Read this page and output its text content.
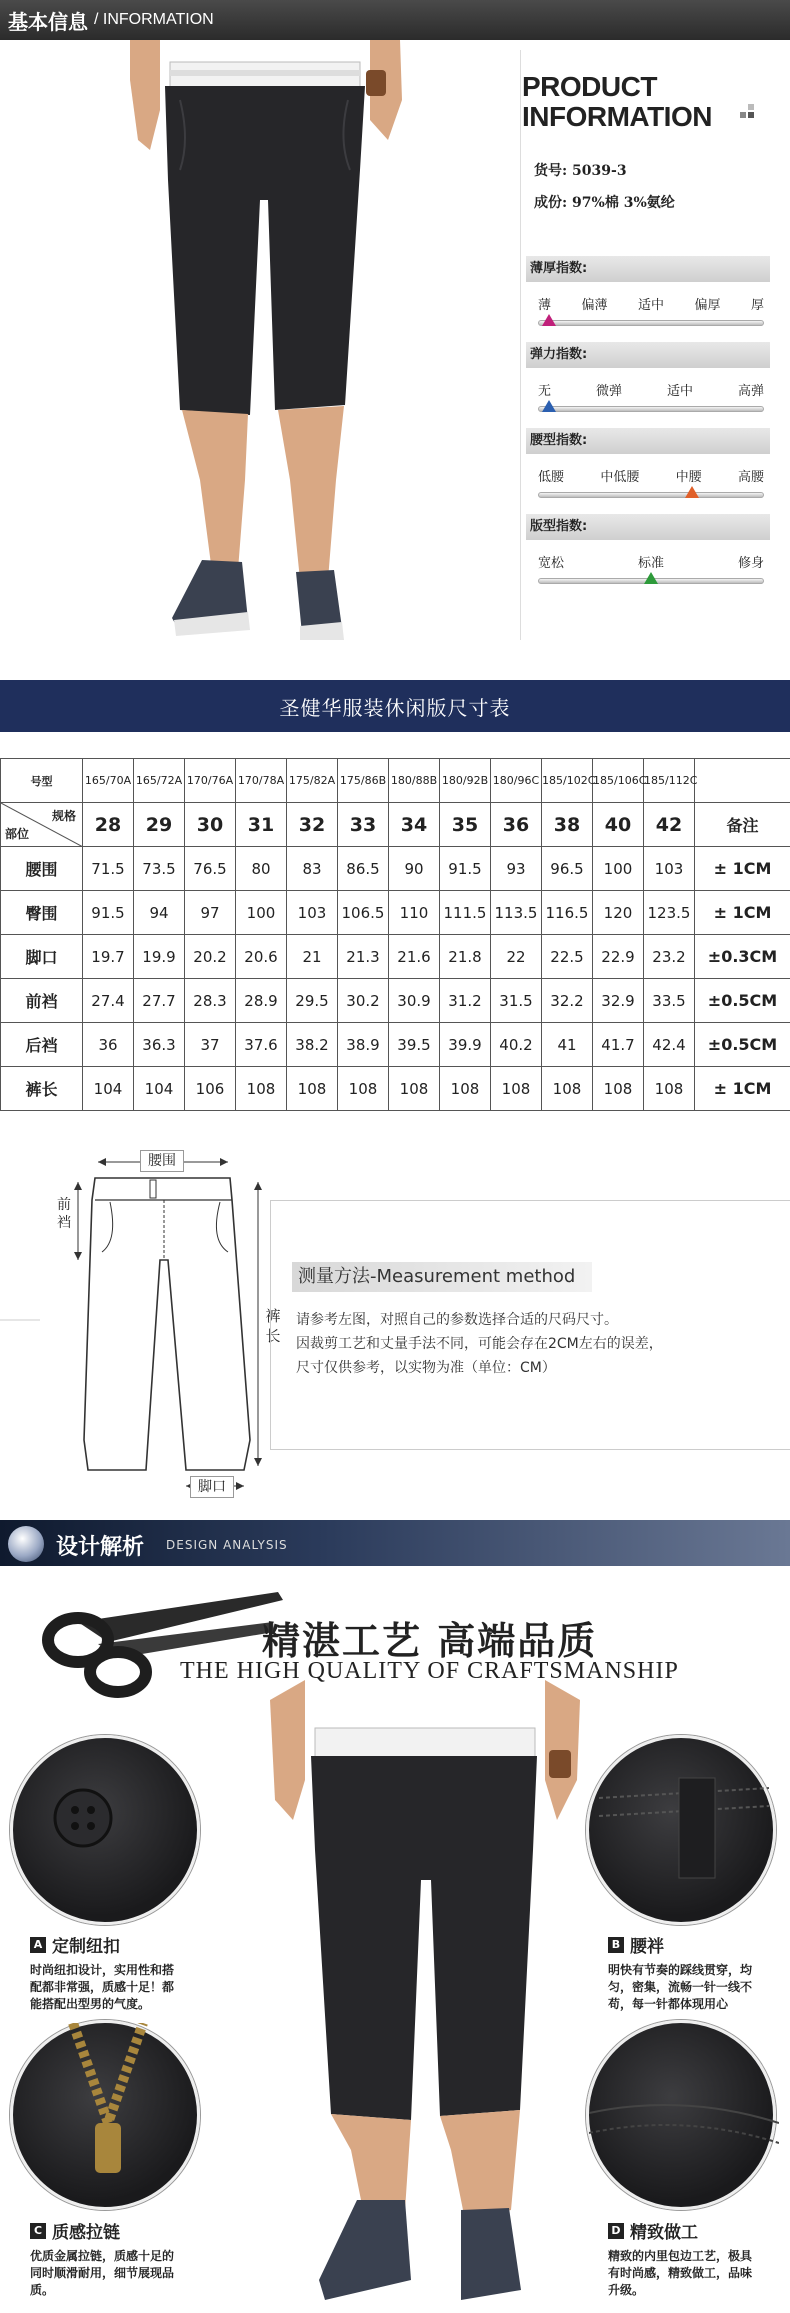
基本信息 / INFORMATION
PRODUCT
INFORMATION
货号: 5039-3
成份: 97%棉 3%氨纶
薄厚指数:
薄 偏薄 适中 偏厚 厚
弹力指数:
无	微弹	适中	高弹
腰型指数:
低腰	中低腰	中腰	高腰
版型指数:
宽松	标准	修身
圣健华服装休闲版尺寸表
号型	165/70A	165/72A	170/76A	170/78A	175/82A	175/86B	180/88B	180/92B	180/96C	185/102C	185/106C	185/112C	

规格
部位	28	29	30	31	32	33	34	35	36	38	40	42	备注
腰围	71.5	73.5	76.5	80	83	86.5	90	91.5	93	96.5	100	103	± 1CM
臀围	91.5	94	97	100	103	106.5	110	111.5	113.5	116.5	120	123.5	± 1CM
脚口	19.7	19.9	20.2	20.6	21	21.3	21.6	21.8	22	22.5	22.9	23.2	±0.3CM
前裆	27.4	27.7	28.3	28.9	29.5	30.2	30.9	31.2	31.5	32.2	32.9	33.5	±0.5CM
后裆	36	36.3	37	37.6	38.2	38.9	39.5	39.9	40.2	41	41.7	42.4	±0.5CM
裤长	104	104	106	108	108	108	108	108	108	108	108	108	± 1CM
腰围
前裆
裤长
脚口
测量方法-Measurement method
请参考左图，对照自己的参数选择合适的尺码尺寸。
因裁剪工艺和丈量手法不同，可能会存在2CM左右的误差，
尺寸仅供参考，以实物为准（单位：CM）
设计解析 DESIGN ANALYSIS
精湛工艺 高端品质
THE HIGH QUALITY OF CRAFTSMANSHIP
A 定制纽扣
时尚纽扣设计，实用性和搭
配都非常强，质感十足！都
能搭配出型男的气度。
B 腰袢
明快有节奏的踩线贯穿，均
匀，密集，流畅一针一线不
苟，每一针都体现用心
C 质感拉链
优质金属拉链，质感十足的
同时顺滑耐用，细节展现品
质。
D 精致做工
精致的内里包边工艺，极具
有时尚感，精致做工，品味
升级。
